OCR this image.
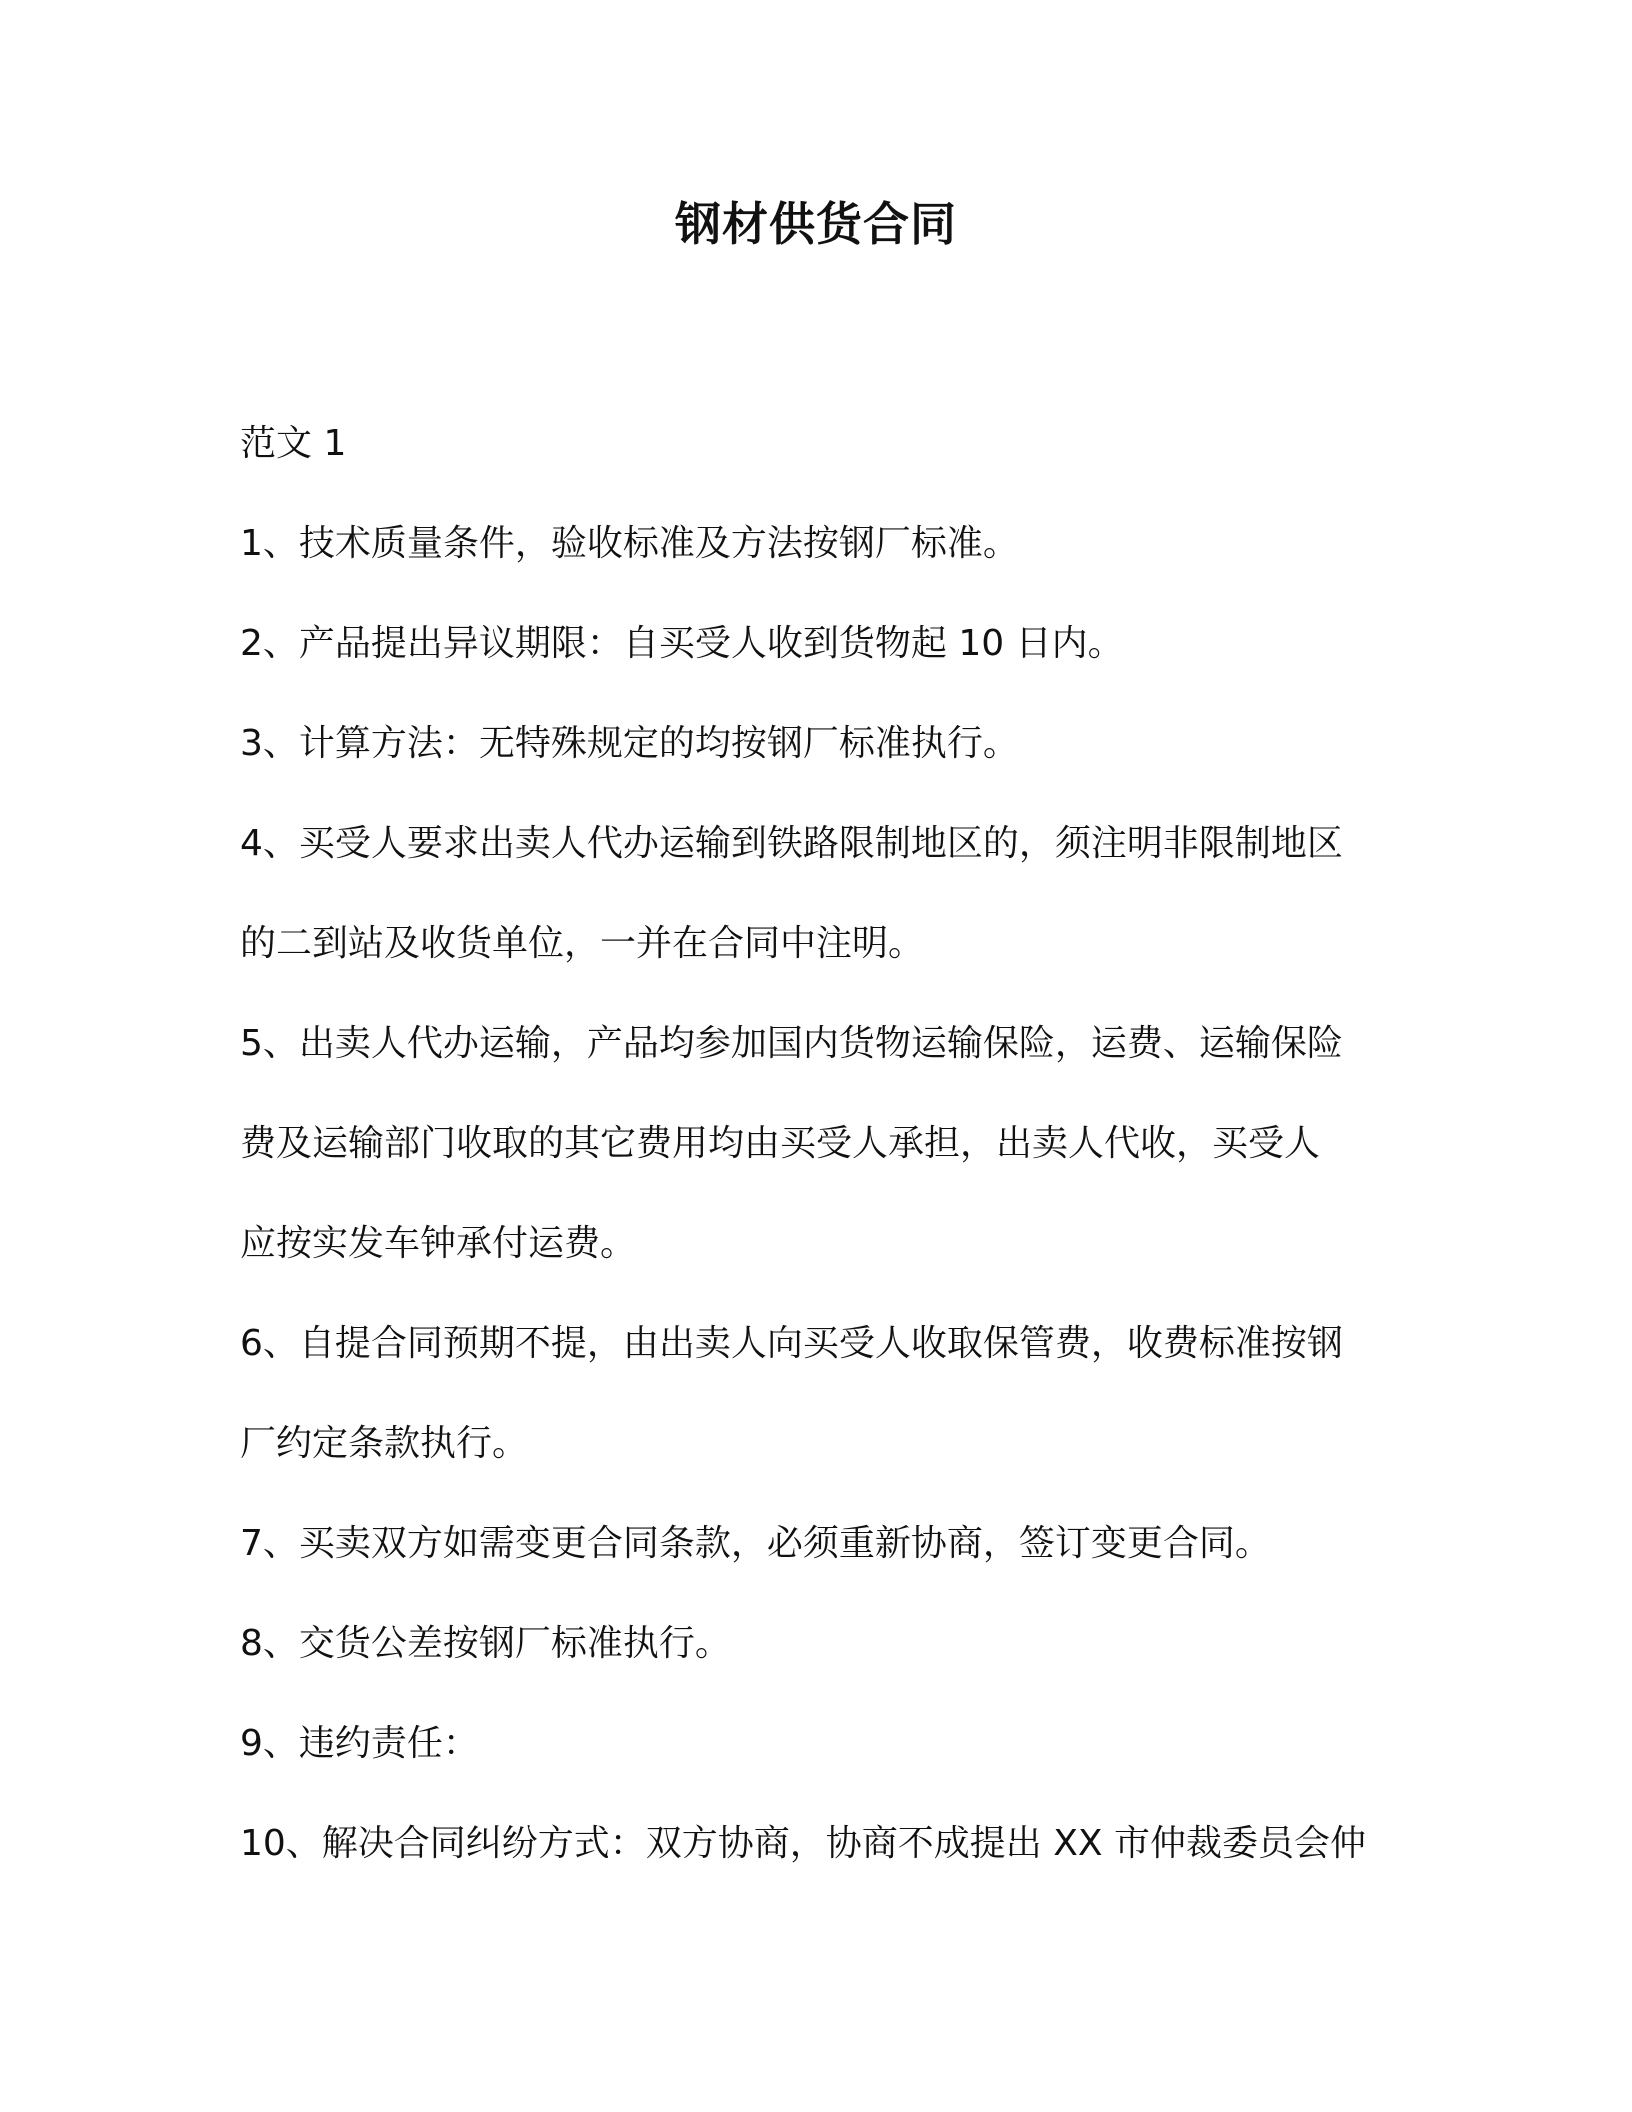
钢材供货合同
范文 1
1、技术质量条件，验收标准及方法按钢厂标准。
2、产品提出异议期限：自买受人收到货物起 10 日内。
3、计算方法：无特殊规定的均按钢厂标准执行。
4、买受人要求出卖人代办运输到铁路限制地区的，须注明非限制地区
的二到站及收货单位，一并在合同中注明。
5、出卖人代办运输，产品均参加国内货物运输保险，运费、运输保险
费及运输部门收取的其它费用均由买受人承担，出卖人代收，买受人
应按实发车钟承付运费。
6、自提合同预期不提，由出卖人向买受人收取保管费，收费标准按钢
厂约定条款执行。
7、买卖双方如需变更合同条款，必须重新协商，签订变更合同。
8、交货公差按钢厂标准执行。
9、违约责任：
10、解决合同纠纷方式：双方协商，协商不成提出 XX 市仲裁委员会仲
